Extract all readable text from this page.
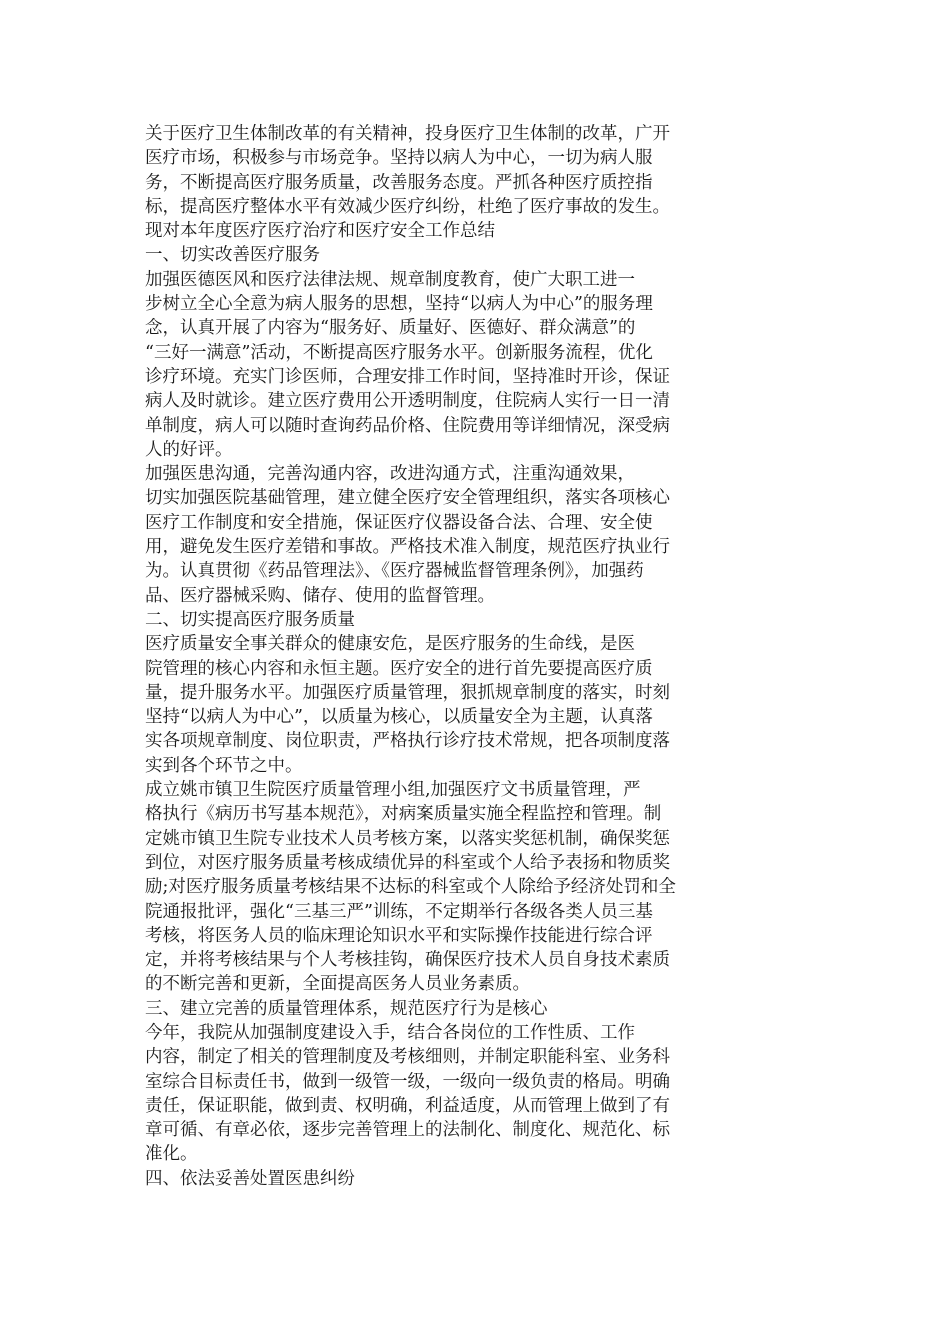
关于医疗卫生体制改革的有关精神，投身医疗卫生体制的改革，广开
医疗市场，积极参与市场竞争。坚持以病人为中心，一切为病人服
务，不断提高医疗服务质量，改善服务态度。严抓各种医疗质控指
标，提高医疗整体水平有效减少医疗纠纷，杜绝了医疗事故的发生。
现对本年度医疗医疗治疗和医疗安全工作总结
一、切实改善医疗服务
加强医德医风和医疗法律法规、规章制度教育，使广大职工进一
步树立全心全意为病人服务的思想，坚持“以病人为中心”的服务理
念，认真开展了内容为“服务好、质量好、医德好、群众满意”的
“三好一满意”活动，不断提高医疗服务水平。创新服务流程，优化
诊疗环境。充实门诊医师，合理安排工作时间，坚持准时开诊，保证
病人及时就诊。建立医疗费用公开透明制度，住院病人实行一日一清
单制度，病人可以随时查询药品价格、住院费用等详细情况，深受病
人的好评。
加强医患沟通，完善沟通内容，改进沟通方式，注重沟通效果，
切实加强医院基础管理，建立健全医疗安全管理组织，落实各项核心
医疗工作制度和安全措施，保证医疗仪器设备合法、合理、安全使
用，避免发生医疗差错和事故。严格技术准入制度，规范医疗执业行
为。认真贯彻《药品管理法》、《医疗器械监督管理条例》，加强药
品、医疗器械采购、储存、使用的监督管理。
二、切实提高医疗服务质量
医疗质量安全事关群众的健康安危，是医疗服务的生命线，是医
院管理的核心内容和永恒主题。医疗安全的进行首先要提高医疗质
量，提升服务水平。加强医疗质量管理，狠抓规章制度的落实，时刻
坚持“以病人为中心”，以质量为核心，以质量安全为主题，认真落
实各项规章制度、岗位职责，严格执行诊疗技术常规，把各项制度落
实到各个环节之中。
成立姚市镇卫生院医疗质量管理小组,加强医疗文书质量管理，严
格执行《病历书写基本规范》，对病案质量实施全程监控和管理。制
定姚市镇卫生院专业技术人员考核方案，以落实奖惩机制，确保奖惩
到位，对医疗服务质量考核成绩优异的科室或个人给予表扬和物质奖
励;对医疗服务质量考核结果不达标的科室或个人除给予经济处罚和全
院通报批评，强化“三基三严”训练，不定期举行各级各类人员三基
考核，将医务人员的临床理论知识水平和实际操作技能进行综合评
定，并将考核结果与个人考核挂钩，确保医疗技术人员自身技术素质
的不断完善和更新，全面提高医务人员业务素质。
三、建立完善的质量管理体系，规范医疗行为是核心
今年，我院从加强制度建设入手，结合各岗位的工作性质、工作
内容，制定了相关的管理制度及考核细则，并制定职能科室、业务科
室综合目标责任书，做到一级管一级，一级向一级负责的格局。明确
责任，保证职能，做到责、权明确，利益适度，从而管理上做到了有
章可循、有章必依，逐步完善管理上的法制化、制度化、规范化、标
准化。
四、依法妥善处置医患纠纷
